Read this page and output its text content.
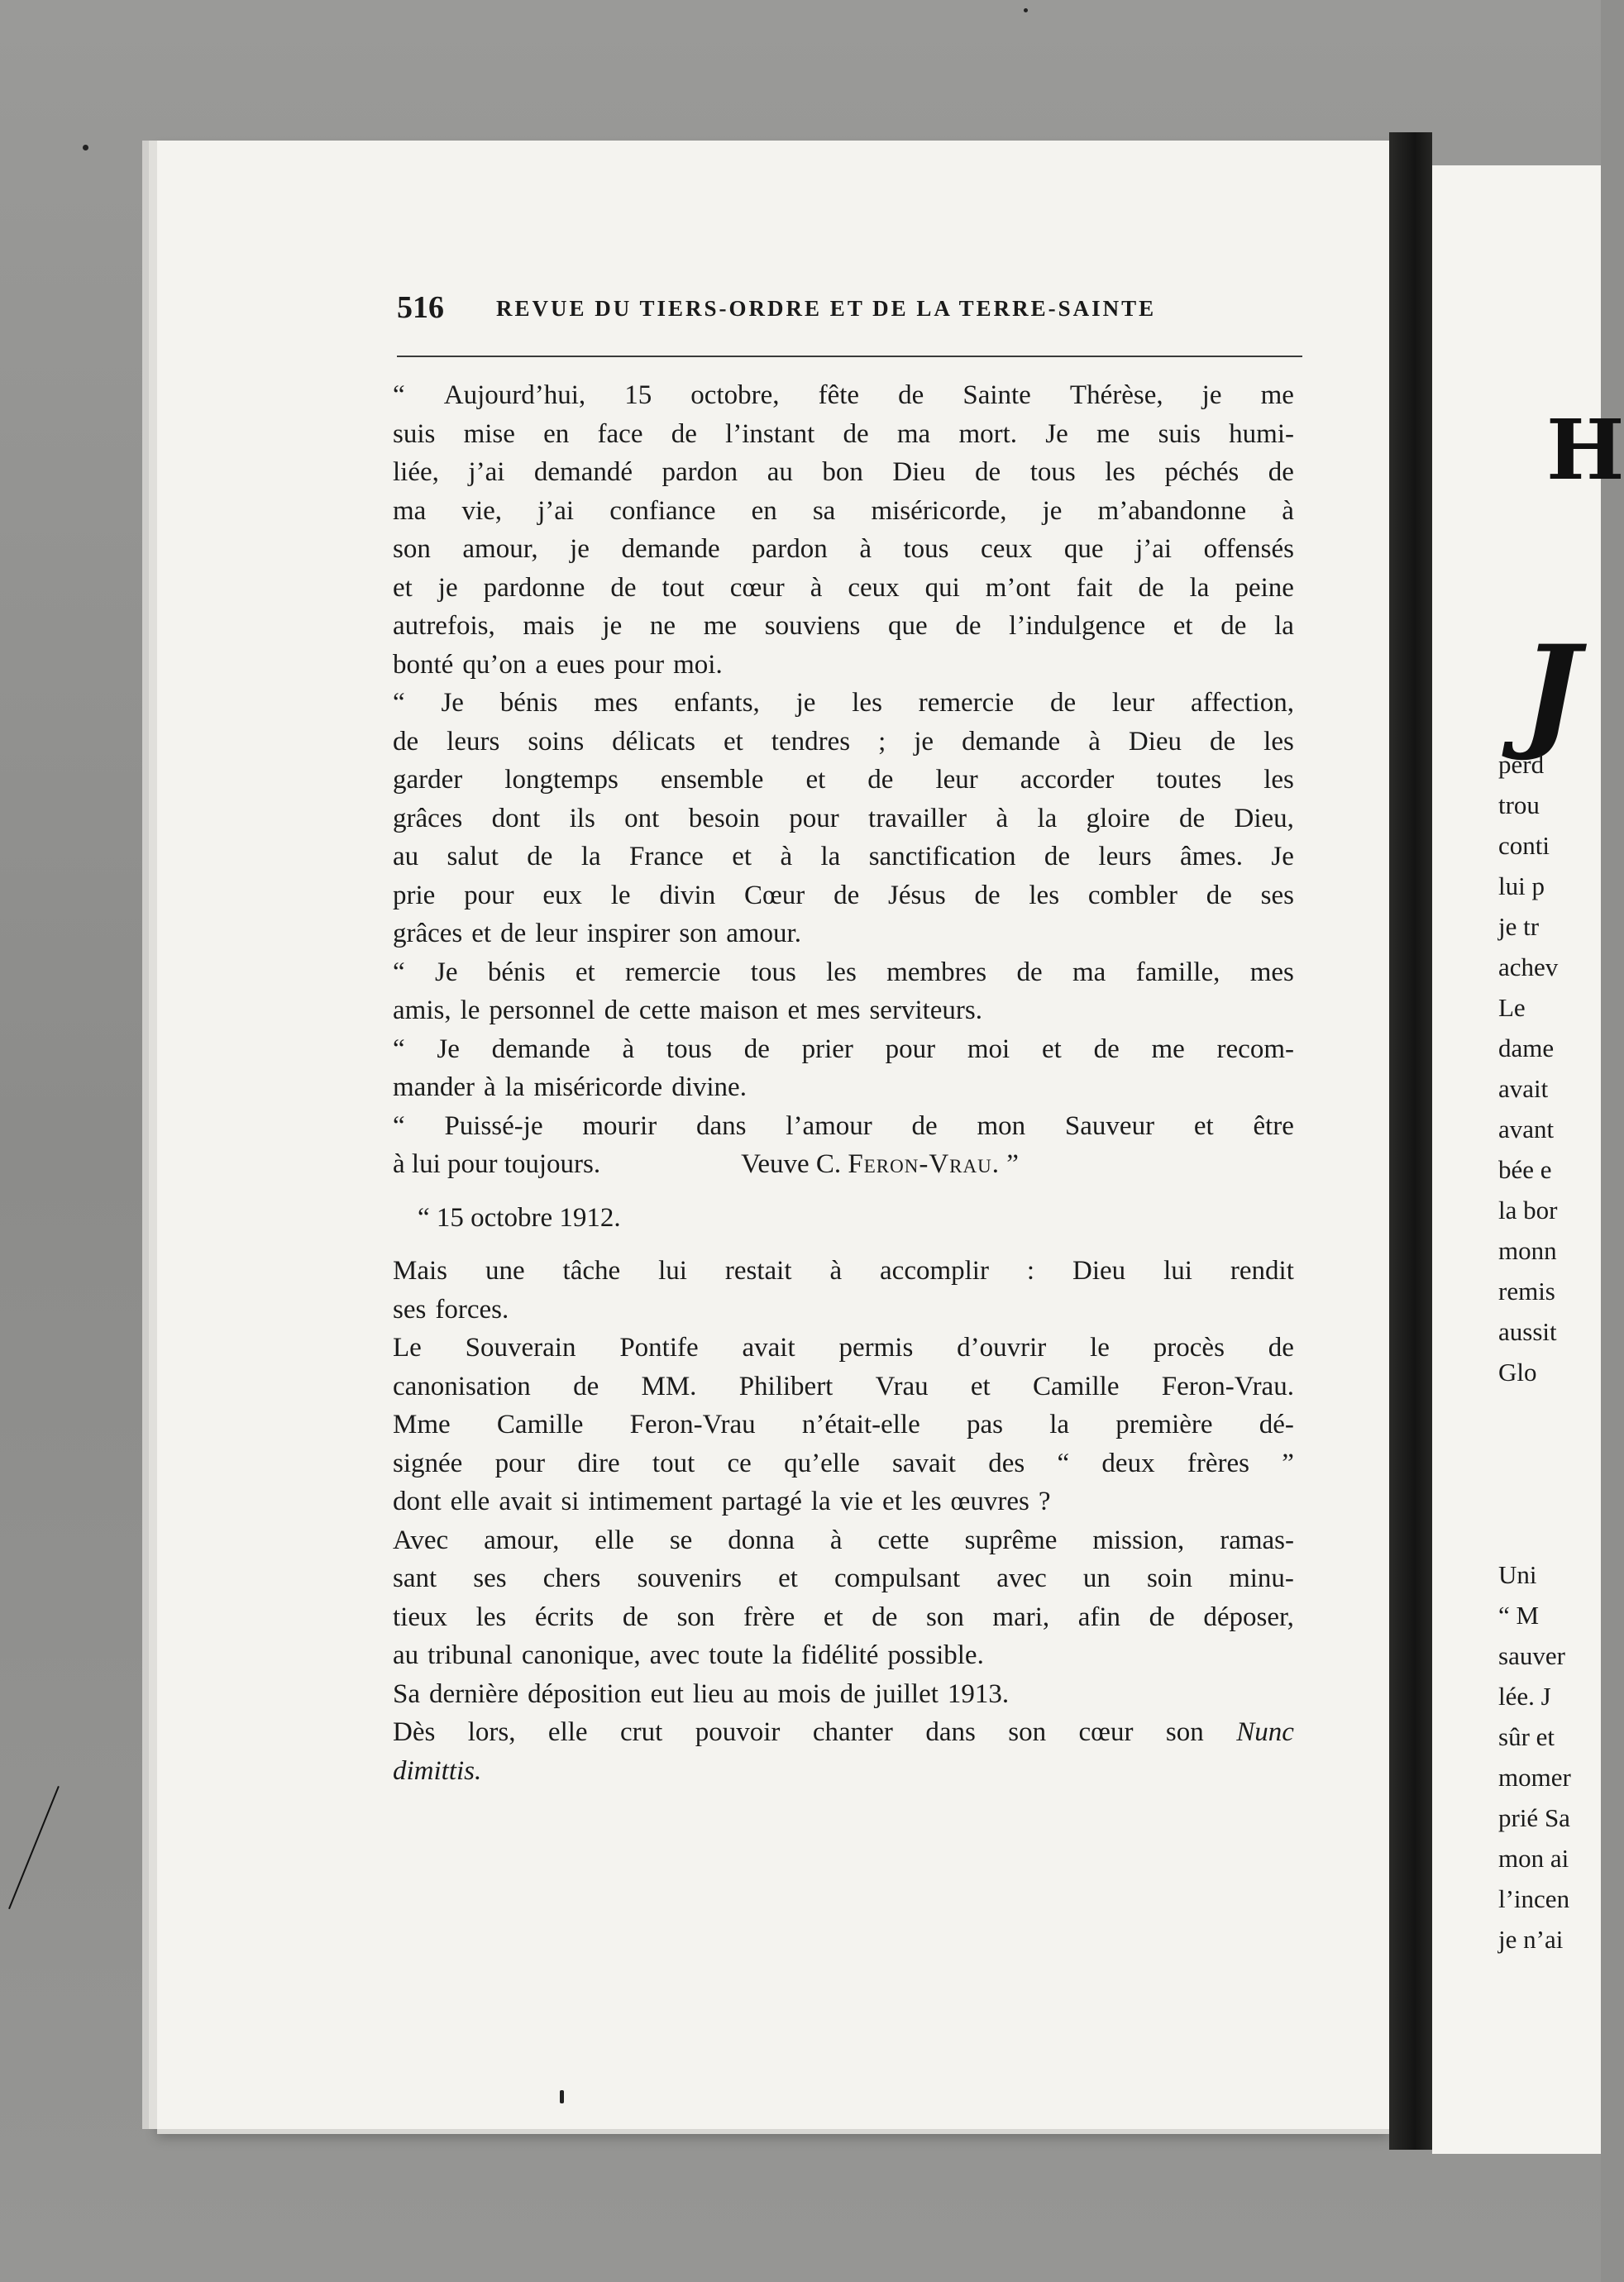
516 REVUE DU TIERS-ORDRE ET DE LA TERRE-SAINTE
“ Aujourd’hui, 15 octobre, fête de Sainte Thérèse, je me
suis mise en face de l’instant de ma mort. Je me suis humi-
liée, j’ai demandé pardon au bon Dieu de tous les péchés de
ma vie, j’ai confiance en sa miséricorde, je m’abandonne à
son amour, je demande pardon à tous ceux que j’ai offensés
et je pardonne de tout cœur à ceux qui m’ont fait de la peine
autrefois, mais je ne me souviens que de l’indulgence et de la
bonté qu’on a eues pour moi.
“ Je bénis mes enfants, je les remercie de leur affection,
de leurs soins délicats et tendres ; je demande à Dieu de les
garder longtemps ensemble et de leur accorder toutes les
grâces dont ils ont besoin pour travailler à la gloire de Dieu,
au salut de la France et à la sanctification de leurs âmes. Je
prie pour eux le divin Cœur de Jésus de les combler de ses
grâces et de leur inspirer son amour.
“ Je bénis et remercie tous les membres de ma famille, mes
amis, le personnel de cette maison et mes serviteurs.
“ Je demande à tous de prier pour moi et de me recom-
mander à la miséricorde divine.
“ Puissé-je mourir dans l’amour de mon Sauveur et être
à lui pour toujours.	Veuve C. Feron-Vrau. ”
“ 15 octobre 1912.
Mais une tâche lui restait à accomplir : Dieu lui rendit
ses forces.
Le Souverain Pontife avait permis d’ouvrir le procès de
canonisation de MM. Philibert Vrau et Camille Feron-Vrau.
Mme Camille Feron-Vrau n’était-elle pas la première dé-
signée pour dire tout ce qu’elle savait des “ deux frères ”
dont elle avait si intimement partagé la vie et les œuvres ?
Avec amour, elle se donna à cette suprême mission, ramas-
sant ses chers souvenirs et compulsant avec un soin minu-
tieux les écrits de son frère et de son mari, afin de déposer,
au tribunal canonique, avec toute la fidélité possible.
Sa dernière déposition eut lieu au mois de juillet 1913.
Dès lors, elle crut pouvoir chanter dans son cœur son Nunc
dimittis.
H
J
perd
trou
conti
lui p
je tr
achev
Le
dame
avait
avant
bée e
la bor
monn
remis
aussit
Glo
Uni
“ M
sauver
lée. J
sûr et
momer
prié Sa
mon ai
l’incen
je n’ai
